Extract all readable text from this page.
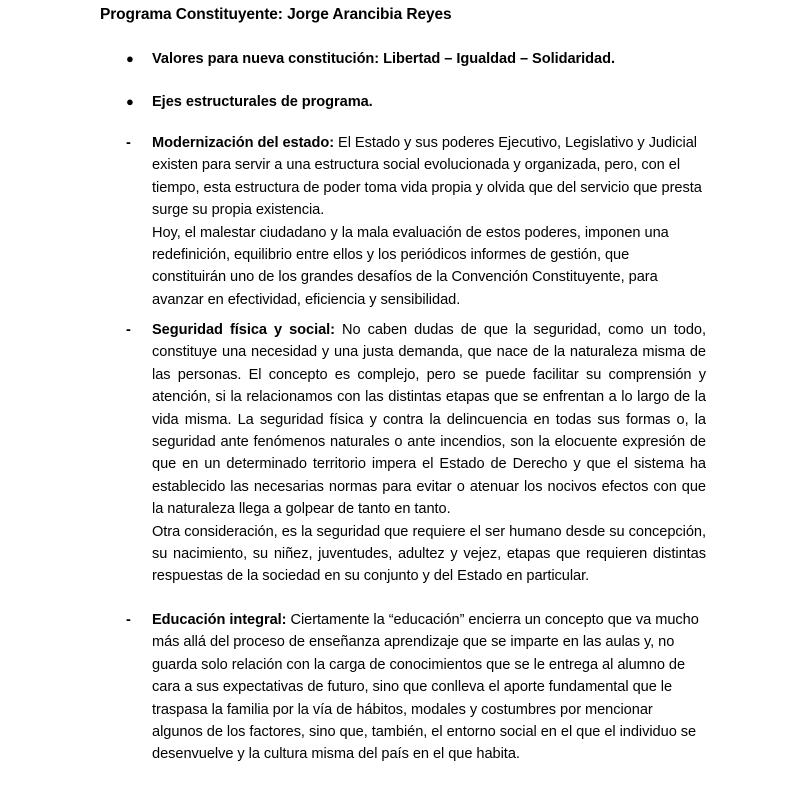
Programa Constituyente: Jorge Arancibia Reyes
●	Valores para nueva constitución: Libertad – Igualdad – Solidaridad.
●	Ejes estructurales de programa.
-	Modernización del estado: El Estado y sus poderes Ejecutivo, Legislativo y Judicial existen para servir a una estructura social evolucionada y organizada, pero, con el tiempo, esta estructura de poder toma vida propia y olvida que del servicio que presta surge su propia existencia.
Hoy, el malestar ciudadano y la mala evaluación de estos poderes, imponen una redefinición, equilibrio entre ellos y los periódicos informes de gestión, que constituirán uno de los grandes desafíos de la Convención Constituyente, para avanzar en efectividad, eficiencia y sensibilidad.
-	Seguridad física y social: No caben dudas de que la seguridad, como un todo, constituye una necesidad y una justa demanda, que nace de la naturaleza misma de las personas. El concepto es complejo, pero se puede facilitar su comprensión y atención, si la relacionamos con las distintas etapas que se enfrentan a lo largo de la vida misma. La seguridad física y contra la delincuencia en todas sus formas o, la seguridad ante fenómenos naturales o ante incendios, son la elocuente expresión de que en un determinado territorio impera el Estado de Derecho y que el sistema ha establecido las necesarias normas para evitar o atenuar los nocivos efectos con que la naturaleza llega a golpear de tanto en tanto.
Otra consideración, es la seguridad que requiere el ser humano desde su concepción, su nacimiento, su niñez, juventudes, adultez y vejez, etapas que requieren distintas respuestas de la sociedad en su conjunto y del Estado en particular.
-	Educación integral: Ciertamente la “educación” encierra un concepto que va mucho más allá del proceso de enseñanza aprendizaje que se imparte en las aulas y, no guarda solo relación con la carga de conocimientos que se le entrega al alumno de cara a sus expectativas de futuro, sino que conlleva el aporte fundamental que le traspasa la familia por la vía de hábitos, modales y costumbres por mencionar algunos de los factores, sino que, también, el entorno social en el que el individuo se desenvuelve y la cultura misma del país en el que habita.
